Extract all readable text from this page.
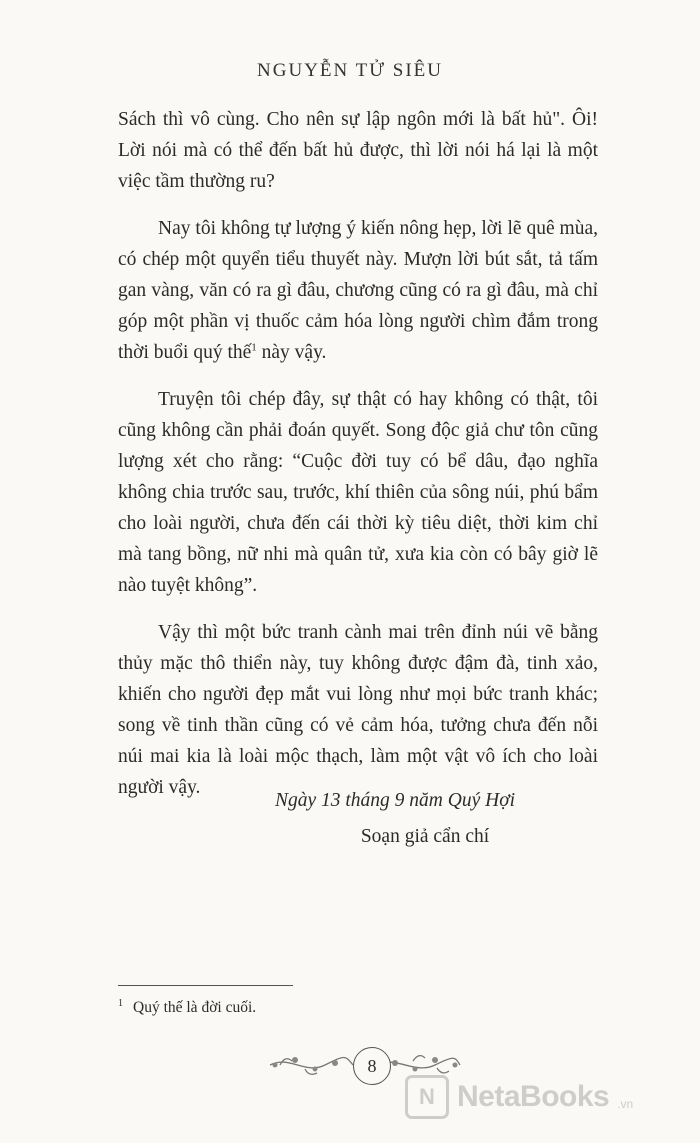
NGUYỄN TỬ SIÊU

Sách thì vô cùng. Cho nên sự lập ngôn mới là bất hủ". Ôi! Lời nói mà có thể đến bất hủ được, thì lời nói há lại là một việc tầm thường ru?

Nay tôi không tự lượng ý kiến nông hẹp, lời lẽ quê mùa, có chép một quyển tiểu thuyết này. Mượn lời bút sắt, tả tấm gan vàng, văn có ra gì đâu, chương cũng có ra gì đâu, mà chỉ góp một phần vị thuốc cảm hóa lòng người chìm đắm trong thời buổi quý thế$^1$ này vậy.

Truyện tôi chép đây, sự thật có hay không có thật, tôi cũng không cần phải đoán quyết. Song độc giả chư tôn cũng lượng xét cho rằng: “Cuộc đời tuy có bể dâu, đạo nghĩa không chia trước sau, trước, khí thiên của sông núi, phú bẩm cho loài người, chưa đến cái thời kỳ tiêu diệt, thời kim chỉ mà tang bồng, nữ nhi mà quân tử, xưa kia còn có bây giờ lẽ nào tuyệt không”.

Vậy thì một bức tranh cành mai trên đỉnh núi vẽ bằng thủy mặc thô thiển này, tuy không được đậm đà, tinh xảo, khiến cho người đẹp mắt vui lòng như mọi bức tranh khác; song về tinh thần cũng có vẻ cảm hóa, tưởng chưa đến nỗi núi mai kia là loài mộc thạch, làm một vật vô ích cho loài người vậy.

Ngày 13 tháng 9 năm Quý Hợi
Soạn giả cẩn chí
$^1$ Quý thế là đời cuối.
8
N NetaBooks .vn
